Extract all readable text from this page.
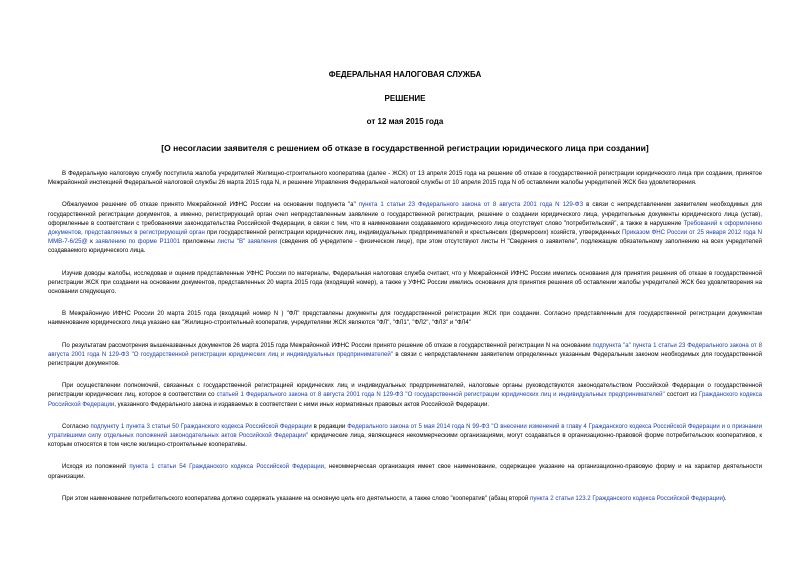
ФЕДЕРАЛЬНАЯ НАЛОГОВАЯ СЛУЖБА
РЕШЕНИЕ
от 12 мая 2015 года
[О несогласии заявителя с решением об отказе в государственной регистрации юридического лица при создании]

В Федеральную налоговую службу поступила жалоба учредителей Жилищно-строительного кооператива (далее - ЖСК) от 13 апреля 2015 года на решение об отказе в государственной регистрации юридического лица при создании, принятое Межрайонной инспекцией Федеральной налоговой службы 26 марта 2015 года N, и решение Управления Федеральной налоговой службы от 10 апреля 2015 года N об оставлении жалобы учредителей ЖСК без удовлетворения.

Обжалуемое решение об отказе принято Межрайонной ИФНС России на основании подпункта "а" пункта 1 статьи 23 Федерального закона от 8 августа 2001 года N 129-ФЗ в связи с непредставлением заявителем необходимых для государственной регистрации документов, а именно, регистрирующий орган счел непредставленным заявление о государственной регистрации, решение о создании юридического лица, учредительные документы юридического лица (устав), оформленные в соответствии с требованиями законодательства Российской Федерации, в связи с тем, что в наименовании создаваемого юридического лица отсутствует слово "потребительский", а также в нарушение Требований к оформлению документов, представляемых в регистрирующий орган при государственной регистрации юридических лиц, индивидуальных предпринимателей и крестьянских (фермерских) хозяйств, утвержденных Приказом ФНС России от 25 января 2012 года N ММВ-7-6/25@ к заявлению по форме Р11001 приложены листы "В" заявления (сведения об учредителе - физическом лице), при этом отсутствуют листы Н "Сведения о заявителе", подлежащие обязательному заполнению на всех учредителей создаваемого юридического лица.

Изучив доводы жалобы, исследовав и оценив представленные УФНС России по материалы, Федеральная налоговая служба считает, что у Межрайонной ИФНС России имелись основания для принятия решения об отказе в государственной регистрации ЖСК при создании на основании документов, представленных 20 марта 2015 года (входящий номер), а также у УФНС России имелись основания для принятия решения об оставлении жалобы учредителей ЖСК без удовлетворения на основании следующего.

В Межрайонную ИФНС России 20 марта 2015 года (входящий номер N ) "ФЛ" представлены документы для государственной регистрации ЖСК при создании. Согласно представленным для государственной регистрации документам наименование юридического лица указано как "Жилищно-строительный кооператив, учредителями ЖСК являются "ФЛ", "ФЛ1", "ФЛ2", "ФЛ3" и "ФЛ4"

По результатам рассмотрения вышеназванных документов 26 марта 2015 года Межрайонной ИФНС России принято решение об отказе в государственной регистрации N на основании подпункта "а" пункта 1 статьи 23 Федерального закона от 8 августа 2001 года N 129-ФЗ "О государственной регистрации юридических лиц и индивидуальных предпринимателей" в связи с непредставлением заявителем определенных указанным Федеральным законом необходимых для государственной регистрации документов.

При осуществлении полномочий, связанных с государственной регистрацией юридических лиц и индивидуальных предпринимателей, налоговые органы руководствуются законодательством Российской Федерации о государственной регистрации юридических лиц, которое в соответствии со статьей 1 Федерального закона от 8 августа 2001 года N 129-ФЗ "О государственной регистрации юридических лиц и индивидуальных предпринимателей" состоит из Гражданского кодекса Российской Федерации, указанного Федерального закона и издаваемых в соответствии с ними иных нормативных правовых актов Российской Федерации.

Согласно подпункту 1 пункта 3 статьи 50 Гражданского кодекса Российской Федерации в редакции Федерального закона от 5 мая 2014 года N 99-ФЗ "О внесении изменений в главу 4 Гражданского кодекса Российской Федерации и о признании утратившими силу отдельных положений законодательных актов Российской Федерации" юридические лица, являющиеся некоммерческими организациями, могут создаваться в организационно-правовой форме потребительских кооперативов, к которым относятся в том числе жилищно-строительные кооперативы.

Исходя из положений пункта 1 статьи 54 Гражданского кодекса Российской Федерации, некоммерческая организация имеет свое наименование, содержащее указание на организационно-правовую форму и на характер деятельности организации.

При этом наименование потребительского кооператива должно содержать указание на основную цель его деятельности, а также слово "кооператив" (абзац второй пункта 2 статьи 123.2 Гражданского кодекса Российской Федерации).
